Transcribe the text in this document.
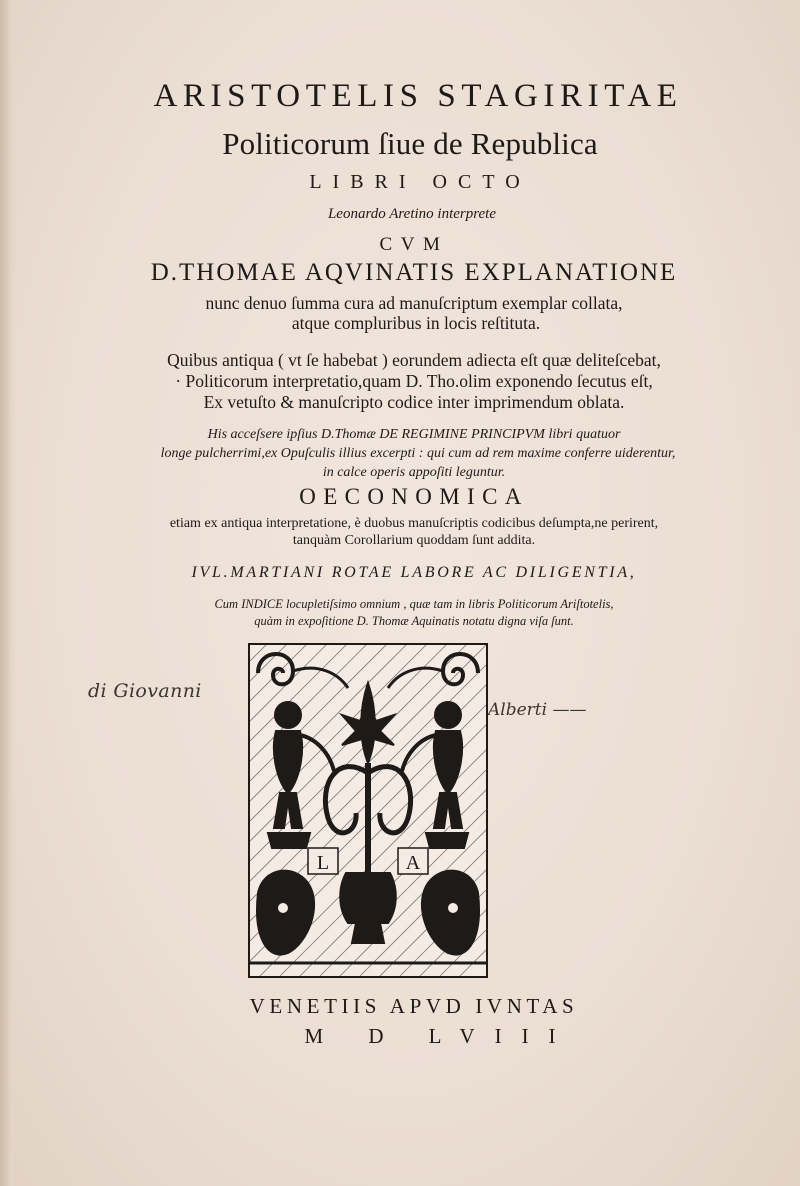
ARISTOTELIS STAGIRITAE
Politicorum ſiue de Republica
LIBRI OCTO
Leonardo Aretino interprete
CVM
D.THOMAE AQVINATIS EXPLANATIONE
nunc denuo ſumma cura ad manuſcriptum exemplar collata,
atque compluribus in locis reſtituta.
Quibus antiqua ( vt ſe habebat ) eorundem adiecta eſt quæ deliteſcebat,
· Politicorum interpretatio,quam D. Tho.olim exponendo ſecutus eſt,
Ex vetuſto & manuſcripto codice inter imprimendum oblata.
His acceſsere ipſius D.Thomæ DE REGIMINE PRINCIPVM libri quatuor
longe pulcherrimi,ex Opuſculis illius excerpti : qui cum ad rem maxime conferre uiderentur,
in calce operis appoſiti leguntur.
OECONOMICA
etiam ex antiqua interpretatione, è duobus manuſcriptis codicibus deſumpta,ne perirent,
tanquàm Corollarium quoddam ſunt addita.
IVL.MARTIANI ROTAE LABORE AC DILIGENTIA,
Cum INDICE locupletiſsimo omnium , quæ tam in libris Politicorum Ariſtotelis,
quàm in expoſitione D. Thomæ Aquinatis notatu digna viſa ſunt.
di Giovanni
Alberti ——
L	A
VENETIIS APVD IVNTAS
M D LVIII
